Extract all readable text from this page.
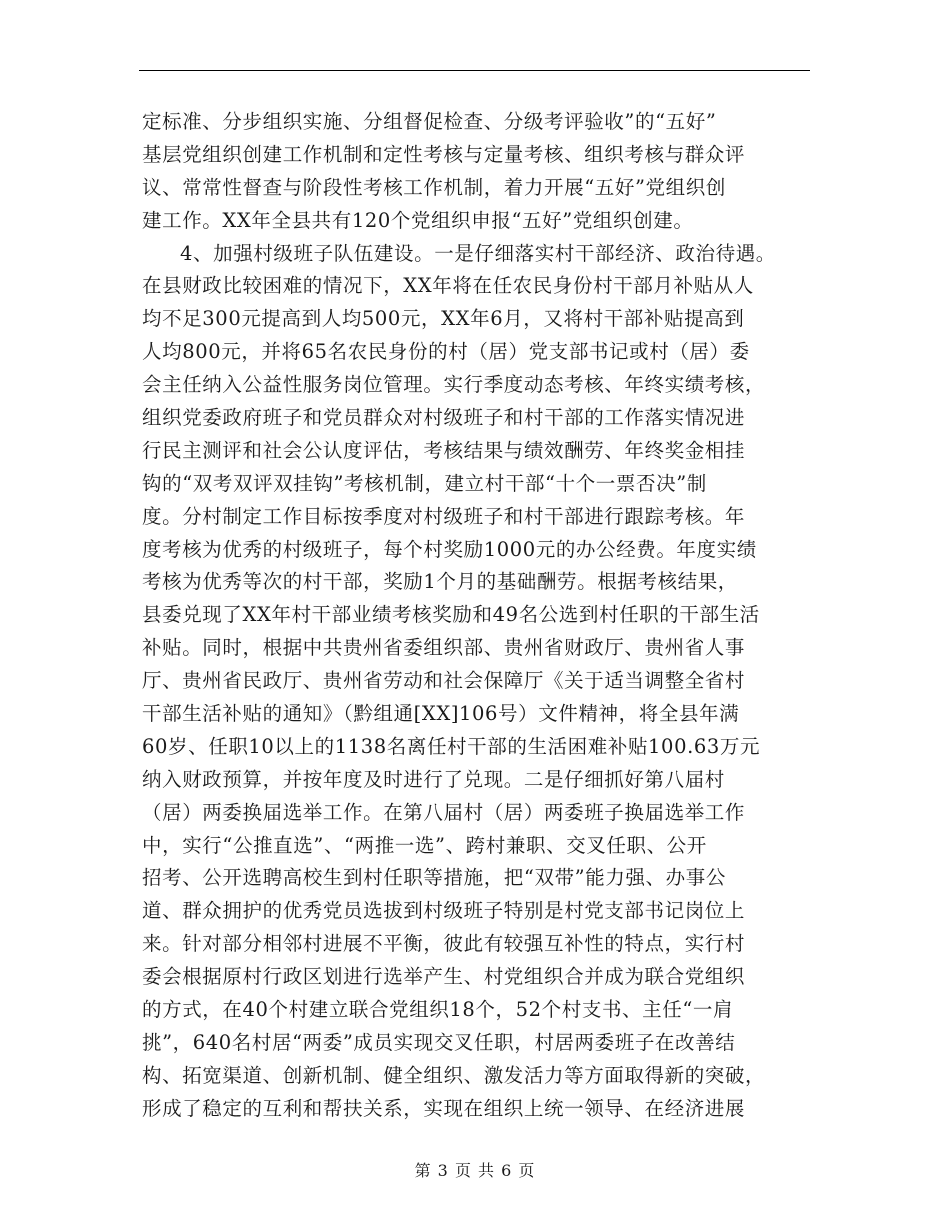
定标准、分步组织实施、分组督促检查、分级考评验收”的“五好”
基层党组织创建工作机制和定性考核与定量考核、组织考核与群众评
议、常常性督查与阶段性考核工作机制，着力开展“五好”党组织创
建工作。XX年全县共有120个党组织申报“五好”党组织创建。
4、加强村级班子队伍建设。一是仔细落实村干部经济、政治待遇。
在县财政比较困难的情况下，XX年将在任农民身份村干部月补贴从人
均不足300元提高到人均500元，XX年6月，又将村干部补贴提高到
人均800元，并将65名农民身份的村（居）党支部书记或村（居）委
会主任纳入公益性服务岗位管理。实行季度动态考核、年终实绩考核，
组织党委政府班子和党员群众对村级班子和村干部的工作落实情况进
行民主测评和社会公认度评估，考核结果与绩效酬劳、年终奖金相挂
钩的“双考双评双挂钩”考核机制，建立村干部“十个一票否决”制
度。分村制定工作目标按季度对村级班子和村干部进行跟踪考核。年
度考核为优秀的村级班子，每个村奖励1000元的办公经费。年度实绩
考核为优秀等次的村干部，奖励1个月的基础酬劳。根据考核结果，
县委兑现了XX年村干部业绩考核奖励和49名公选到村任职的干部生活
补贴。同时，根据中共贵州省委组织部、贵州省财政厅、贵州省人事
厅、贵州省民政厅、贵州省劳动和社会保障厅《关于适当调整全省村
干部生活补贴的通知》（黔组通[XX]106号）文件精神，将全县年满
60岁、任职10以上的1138名离任村干部的生活困难补贴100.63万元
纳入财政预算，并按年度及时进行了兑现。二是仔细抓好第八届村
（居）两委换届选举工作。在第八届村（居）两委班子换届选举工作
中，实行“公推直选”、“两推一选”、跨村兼职、交叉任职、公开
招考、公开选聘高校生到村任职等措施，把“双带”能力强、办事公
道、群众拥护的优秀党员选拔到村级班子特别是村党支部书记岗位上
来。针对部分相邻村进展不平衡，彼此有较强互补性的特点，实行村
委会根据原村行政区划进行选举产生、村党组织合并成为联合党组织
的方式，在40个村建立联合党组织18个，52个村支书、主任“一肩
挑”，640名村居“两委”成员实现交叉任职，村居两委班子在改善结
构、拓宽渠道、创新机制、健全组织、激发活力等方面取得新的突破，
形成了稳定的互利和帮扶关系，实现在组织上统一领导、在经济进展
第 3 页 共 6 页
